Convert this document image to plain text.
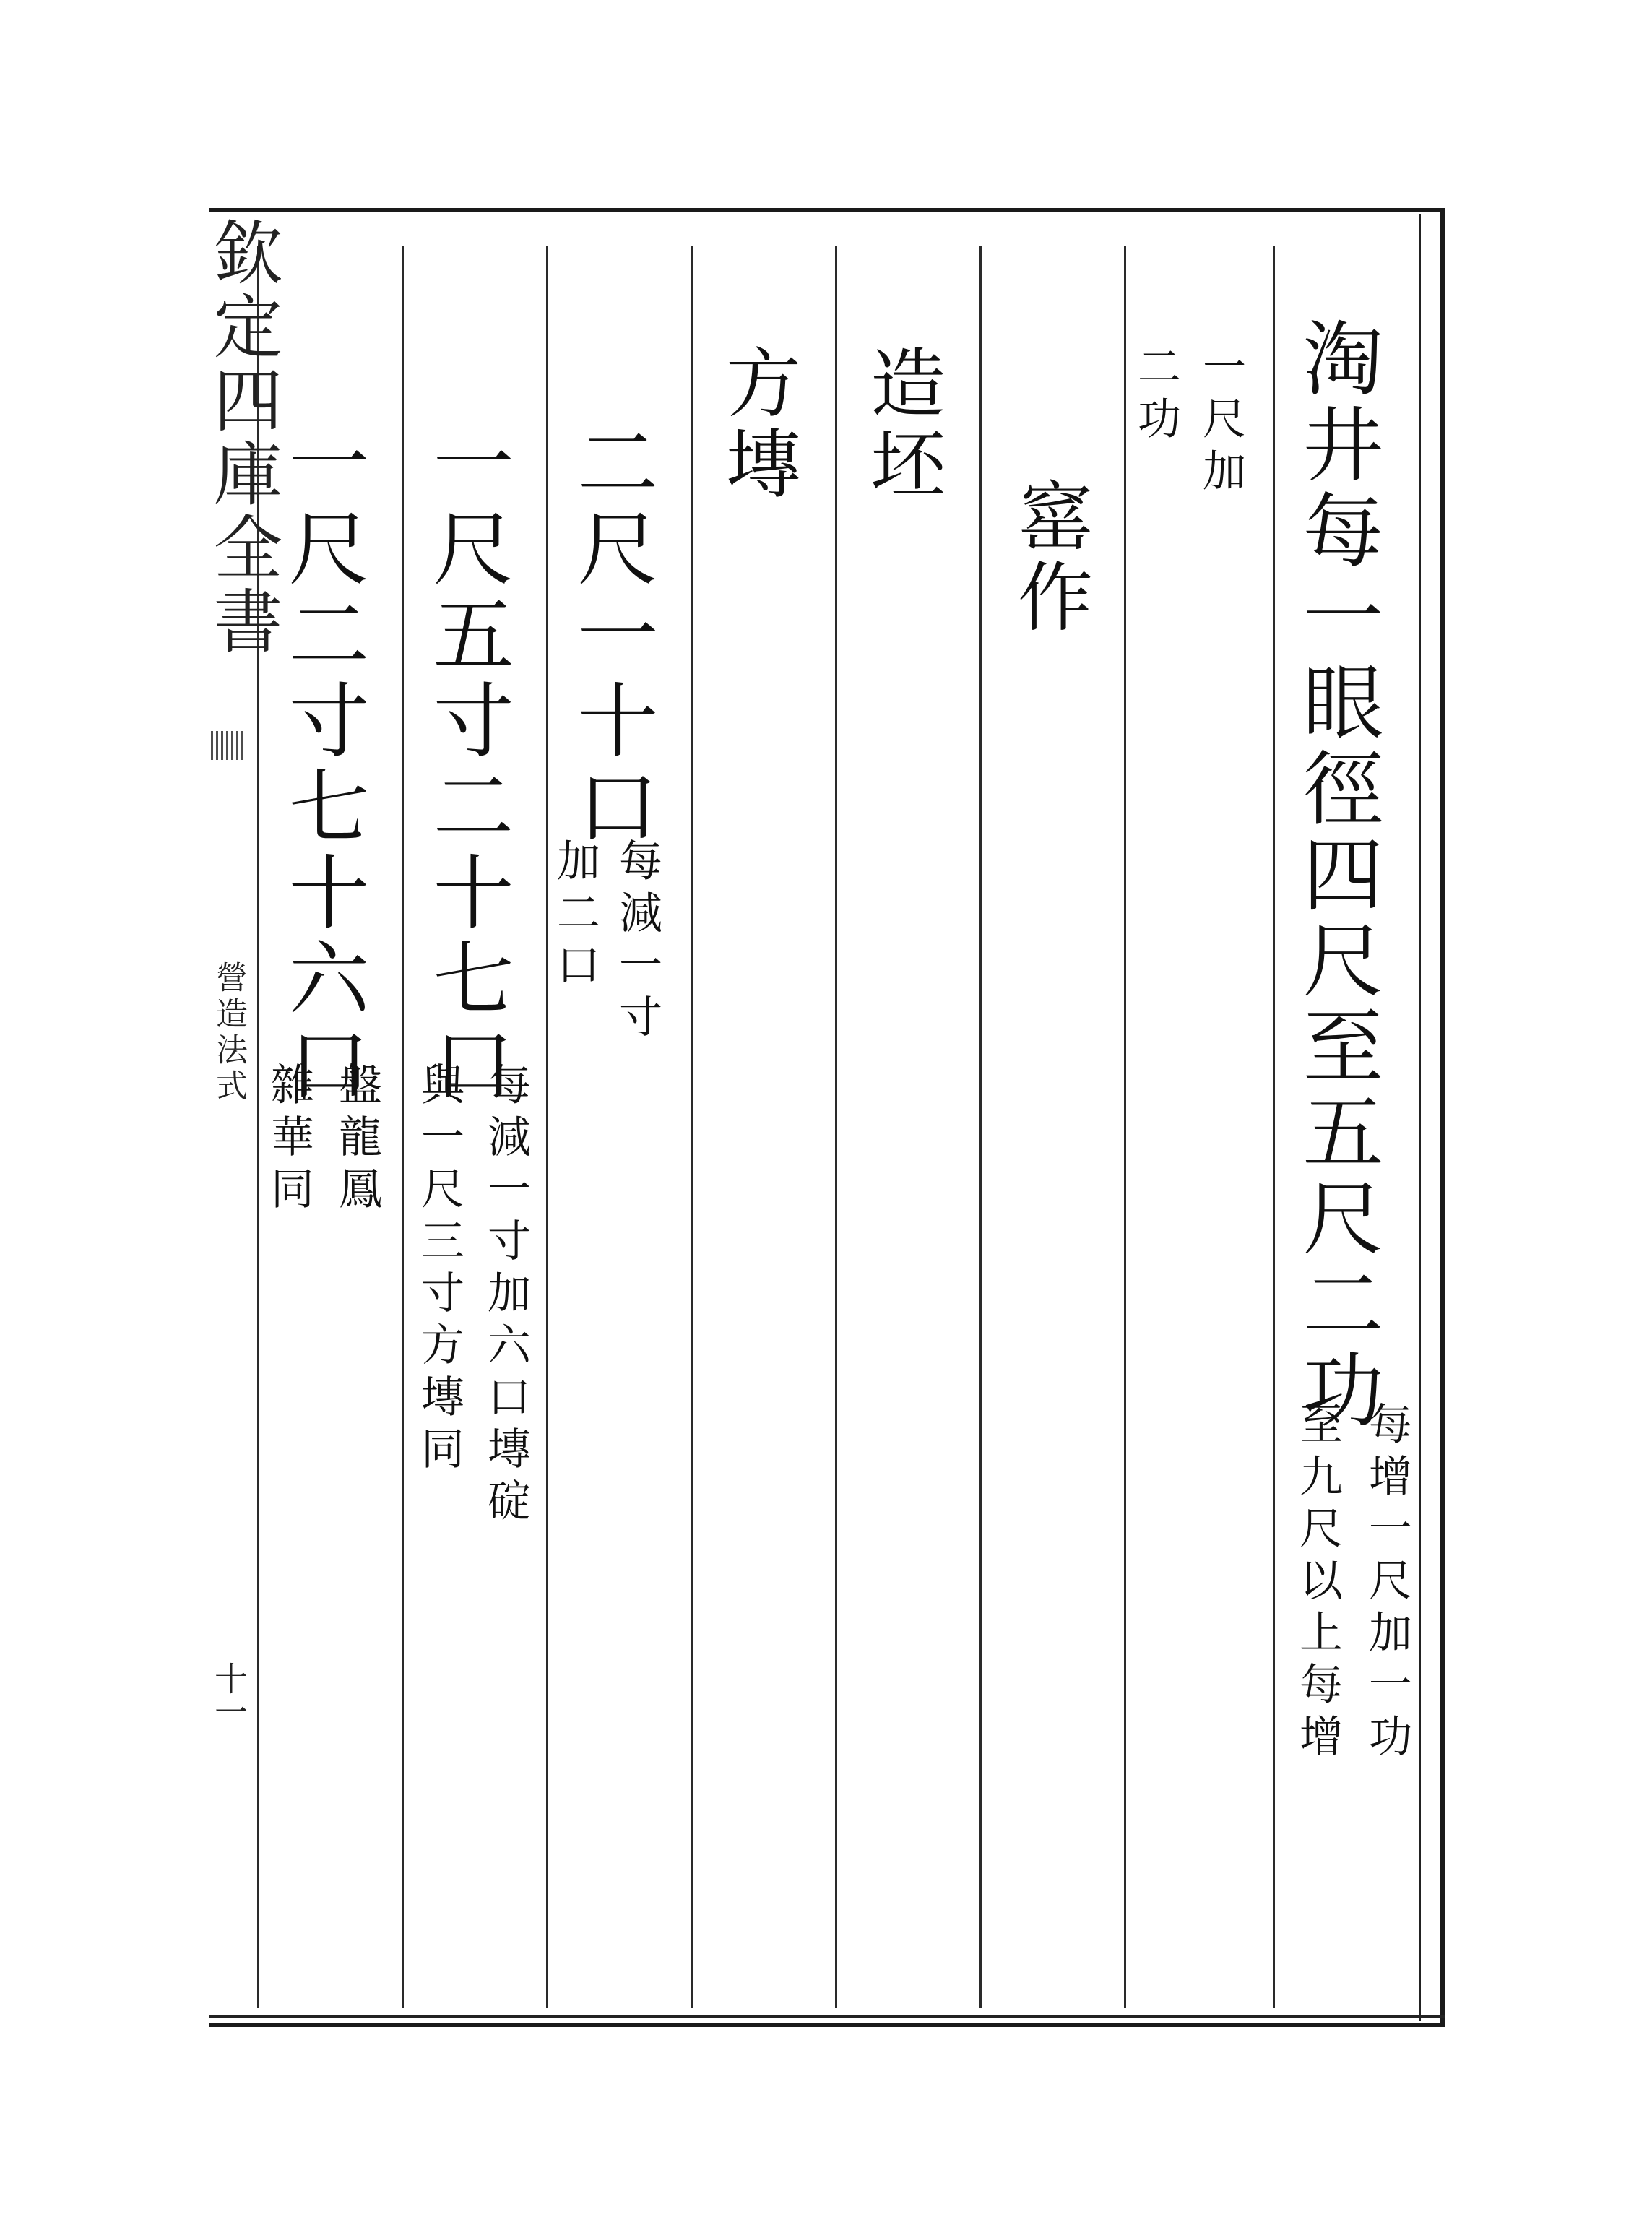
欽定四庫全書
營造法式
十一
淘井每一眼徑四尺至五尺二功
每增一尺加一功
至九尺以上每增
一尺加
二功
窰作
造坯
方塼
二尺一十口
每減一寸
加二口
一尺五寸二十七口
每減一寸加六口塼碇
與一尺三寸方塼同
一尺二寸七十六口
盤龍鳳
雜華同
